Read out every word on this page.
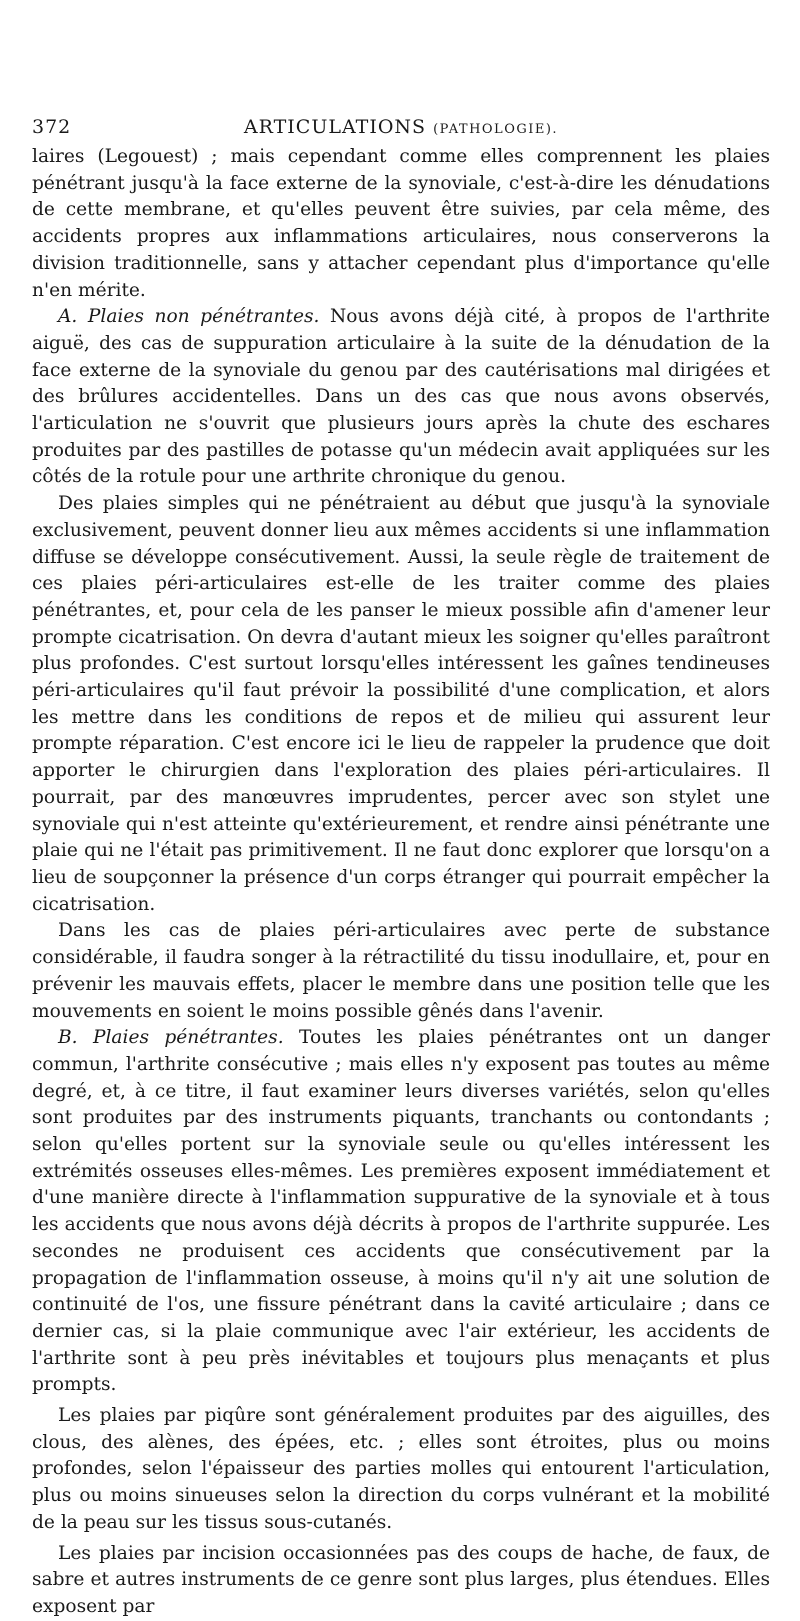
372	ARTICULATIONS (PATHOLOGIE).

laires (Legouest) ; mais cependant comme elles comprennent les plaies pénétrant jusqu'à la face externe de la synoviale, c'est-à-dire les dénudations de cette membrane, et qu'elles peuvent être suivies, par cela même, des accidents propres aux inflammations articulaires, nous conserverons la division traditionnelle, sans y attacher cependant plus d'importance qu'elle n'en mérite.

A. Plaies non pénétrantes. Nous avons déjà cité, à propos de l'arthrite aiguë, des cas de suppuration articulaire à la suite de la dénudation de la face externe de la synoviale du genou par des cautérisations mal dirigées et des brûlures accidentelles. Dans un des cas que nous avons observés, l'articulation ne s'ouvrit que plusieurs jours après la chute des eschares produites par des pastilles de potasse qu'un médecin avait appliquées sur les côtés de la rotule pour une arthrite chronique du genou.

Des plaies simples qui ne pénétraient au début que jusqu'à la synoviale exclusivement, peuvent donner lieu aux mêmes accidents si une inflammation diffuse se développe consécutivement. Aussi, la seule règle de traitement de ces plaies péri-articulaires est-elle de les traiter comme des plaies pénétrantes, et, pour cela de les panser le mieux possible afin d'amener leur prompte cicatrisation. On devra d'autant mieux les soigner qu'elles paraîtront plus profondes. C'est surtout lorsqu'elles intéressent les gaînes tendineuses péri-articulaires qu'il faut prévoir la possibilité d'une complication, et alors les mettre dans les conditions de repos et de milieu qui assurent leur prompte réparation. C'est encore ici le lieu de rappeler la prudence que doit apporter le chirurgien dans l'exploration des plaies péri-articulaires. Il pourrait, par des manœuvres imprudentes, percer avec son stylet une synoviale qui n'est atteinte qu'extérieurement, et rendre ainsi pénétrante une plaie qui ne l'était pas primitivement. Il ne faut donc explorer que lorsqu'on a lieu de soupçonner la présence d'un corps étranger qui pourrait empêcher la cicatrisation.

Dans les cas de plaies péri-articulaires avec perte de substance considérable, il faudra songer à la rétractilité du tissu inodullaire, et, pour en prévenir les mauvais effets, placer le membre dans une position telle que les mouvements en soient le moins possible gênés dans l'avenir.

B. Plaies pénétrantes. Toutes les plaies pénétrantes ont un danger commun, l'arthrite consécutive ; mais elles n'y exposent pas toutes au même degré, et, à ce titre, il faut examiner leurs diverses variétés, selon qu'elles sont produites par des instruments piquants, tranchants ou contondants ; selon qu'elles portent sur la synoviale seule ou qu'elles intéressent les extrémités osseuses elles-mêmes. Les premières exposent immédiatement et d'une manière directe à l'inflammation suppurative de la synoviale et à tous les accidents que nous avons déjà décrits à propos de l'arthrite suppurée. Les secondes ne produisent ces accidents que consécutivement par la propagation de l'inflammation osseuse, à moins qu'il n'y ait une solution de continuité de l'os, une fissure pénétrant dans la cavité articulaire ; dans ce dernier cas, si la plaie communique avec l'air extérieur, les accidents de l'arthrite sont à peu près inévitables et toujours plus menaçants et plus prompts.

Les plaies par piqûre sont généralement produites par des aiguilles, des clous, des alènes, des épées, etc. ; elles sont étroites, plus ou moins profondes, selon l'épaisseur des parties molles qui entourent l'articulation, plus ou moins sinueuses selon la direction du corps vulnérant et la mobilité de la peau sur les tissus sous-cutanés.

Les plaies par incision occasionnées pas des coups de hache, de faux, de sabre et autres instruments de ce genre sont plus larges, plus étendues. Elles exposent par
